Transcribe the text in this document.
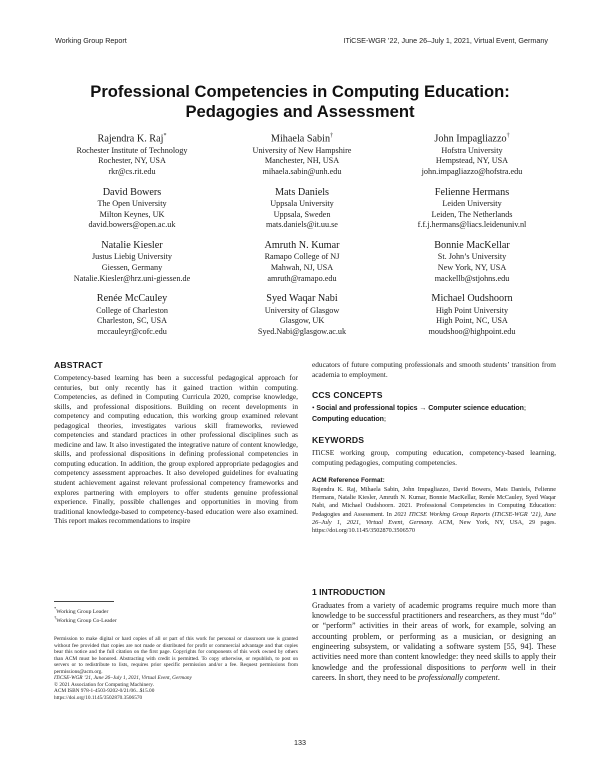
Working Group Report	ITiCSE-WGR ’22, June 26–July 1, 2021, Virtual Event, Germany
Professional Competencies in Computing Education:
Pedagogies and Assessment
Rajendra K. Raj*
Rochester Institute of Technology
Rochester, NY, USA
rkr@cs.rit.edu
Mihaela Sabin†
University of New Hampshire
Manchester, NH, USA
mihaela.sabin@unh.edu
John Impagliazzo†
Hofstra University
Hempstead, NY, USA
john.impagliazzo@hofstra.edu
David Bowers
The Open University
Milton Keynes, UK
david.bowers@open.ac.uk
Mats Daniels
Uppsala University
Uppsala, Sweden
mats.daniels@it.uu.se
Felienne Hermans
Leiden University
Leiden, The Netherlands
f.f.j.hermans@liacs.leidenuniv.nl
Natalie Kiesler
Justus Liebig University
Giessen, Germany
Natalie.Kiesler@hrz.uni-giessen.de
Amruth N. Kumar
Ramapo College of NJ
Mahwah, NJ, USA
amruth@ramapo.edu
Bonnie MacKellar
St. John’s University
New York, NY, USA
mackellb@stjohns.edu
Renée McCauley
College of Charleston
Charleston, SC, USA
mccauleyr@cofc.edu
Syed Waqar Nabi
University of Glasgow
Glasgow, UK
Syed.Nabi@glasgow.ac.uk
Michael Oudshoorn
High Point University
High Point, NC, USA
moudshoo@highpoint.edu
ABSTRACT

Competency-based learning has been a successful pedagogical approach for centuries, but only recently has it gained traction within computing. Competencies, as defined in Computing Curricula 2020, comprise knowledge, skills, and professional dispositions. Building on recent developments in competency and computing education, this working group examined relevant pedagogical theories, investigates various skill frameworks, reviewed competencies and standard practices in other professional disciplines such as medicine and law. It also investigated the integrative nature of content knowledge, skills, and professional dispositions in defining professional competencies in computing education. In addition, the group explored appropriate pedagogies and competency assessment approaches. It also developed guidelines for evaluating student achievement against relevant professional competency frameworks and explores partnering with employers to offer students genuine professional experience. Finally, possible challenges and opportunities in moving from traditional knowledge-based to competency-based education were also examined. This report makes recommendations to inspire

*Working Group Leader
†Working Group Co-Leader
Permission to make digital or hard copies of all or part of this work for personal or classroom use is granted without fee provided that copies are not made or distributed for profit or commercial advantage and that copies bear this notice and the full citation on the first page. Copyrights for components of this work owned by others than ACM must be honored. Abstracting with credit is permitted. To copy otherwise, or republish, to post on servers or to redistribute to lists, requires prior specific permission and/or a fee. Request permissions from permissions@acm.org.
ITiCSE-WGR ’21, June 26–July 1, 2021, Virtual Event, Germany
© 2021 Association for Computing Machinery.
ACM ISBN 978-1-4503-9202-0/21/06...$15.00
https://doi.org/10.1145/3502870.3506570

educators of future computing professionals and smooth students’ transition from academia to employment.

CCS CONCEPTS

• Social and professional topics → Computer science education; Computing education;

KEYWORDS

ITiCSE working group, computing education, competency-based learning, computing pedagogies, computing competencies.

ACM Reference Format:

Rajendra K. Raj, Mihaela Sabin, John Impagliazzo, David Bowers, Mats Daniels, Felienne Hermans, Natalie Kiesler, Amruth N. Kumar, Bonnie MacKellar, Renée McCauley, Syed Waqar Nabi, and Michael Oudshoorn. 2021. Professional Competencies in Computing Education: Pedagogies and Assessment. In 2021 ITiCSE Working Group Reports (ITiCSE-WGR ’21), June 26–July 1, 2021, Virtual Event, Germany. ACM, New York, NY, USA, 29 pages. https://doi.org/10.1145/3502870.3506570

1 INTRODUCTION

Graduates from a variety of academic programs require much more than knowledge to be successful practitioners and researchers, as they must “do” or “perform” activities in their areas of work, for example, solving an accounting problem, or performing as a musician, or designing an engineering subsystem, or validating a software system [55, 94]. These activities need more than content knowledge: they need skills to apply their knowledge and the professional dispositions to perform well in their careers. In short, they need to be professionally competent.

133
